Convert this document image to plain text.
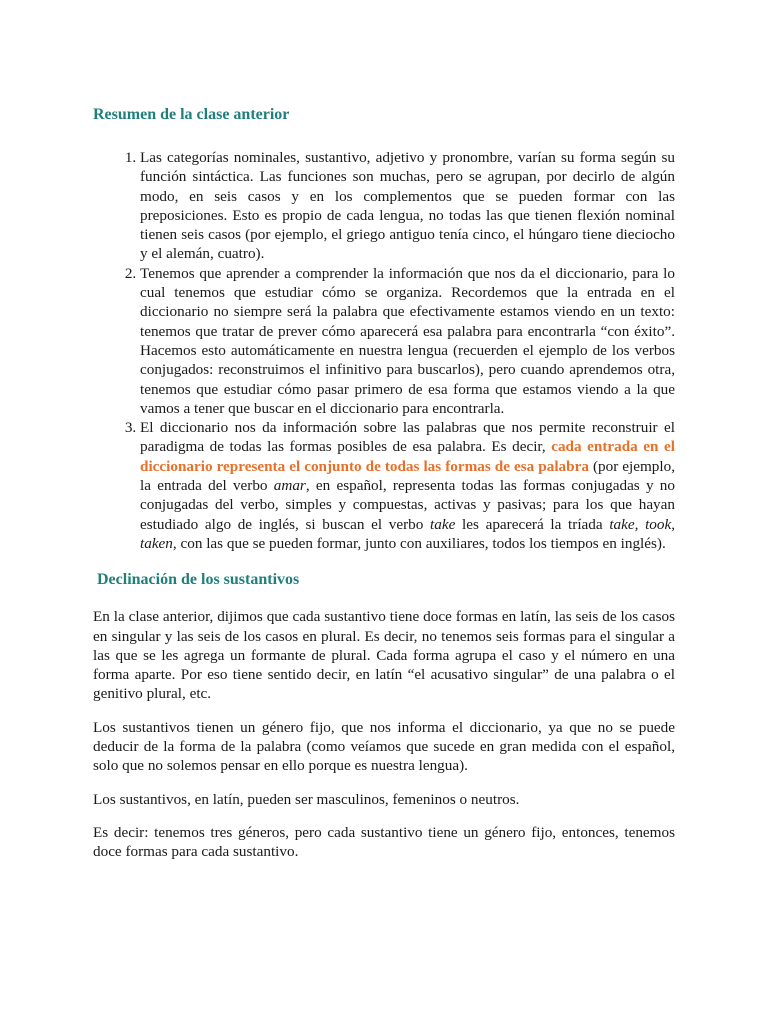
Resumen de la clase anterior
1. Las categorías nominales, sustantivo, adjetivo y pronombre, varían su forma según su función sintáctica. Las funciones son muchas, pero se agrupan, por decirlo de algún modo, en seis casos y en los complementos que se pueden formar con las preposiciones. Esto es propio de cada lengua, no todas las que tienen flexión nominal tienen seis casos (por ejemplo, el griego antiguo tenía cinco, el húngaro tiene dieciocho y el alemán, cuatro).
2. Tenemos que aprender a comprender la información que nos da el diccionario, para lo cual tenemos que estudiar cómo se organiza. Recordemos que la entrada en el diccionario no siempre será la palabra que efectivamente estamos viendo en un texto: tenemos que tratar de prever cómo aparecerá esa palabra para encontrarla “con éxito”. Hacemos esto automáticamente en nuestra lengua (recuerden el ejemplo de los verbos conjugados: reconstruimos el infinitivo para buscarlos), pero cuando aprendemos otra, tenemos que estudiar cómo pasar primero de esa forma que estamos viendo a la que vamos a tener que buscar en el diccionario para encontrarla.
3. El diccionario nos da información sobre las palabras que nos permite reconstruir el paradigma de todas las formas posibles de esa palabra. Es decir, cada entrada en el diccionario representa el conjunto de todas las formas de esa palabra (por ejemplo, la entrada del verbo amar, en español, representa todas las formas conjugadas y no conjugadas del verbo, simples y compuestas, activas y pasivas; para los que hayan estudiado algo de inglés, si buscan el verbo take les aparecerá la tríada take, took, taken, con las que se pueden formar, junto con auxiliares, todos los tiempos en inglés).
Declinación de los sustantivos

En la clase anterior, dijimos que cada sustantivo tiene doce formas en latín, las seis de los casos en singular y las seis de los casos en plural. Es decir, no tenemos seis formas para el singular a las que se les agrega un formante de plural. Cada forma agrupa el caso y el número en una forma aparte. Por eso tiene sentido decir, en latín “el acusativo singular” de una palabra o el genitivo plural, etc.

Los sustantivos tienen un género fijo, que nos informa el diccionario, ya que no se puede deducir de la forma de la palabra (como veíamos que sucede en gran medida con el español, solo que no solemos pensar en ello porque es nuestra lengua).

Los sustantivos, en latín, pueden ser masculinos, femeninos o neutros.

Es decir: tenemos tres géneros, pero cada sustantivo tiene un género fijo, entonces, tenemos doce formas para cada sustantivo.
